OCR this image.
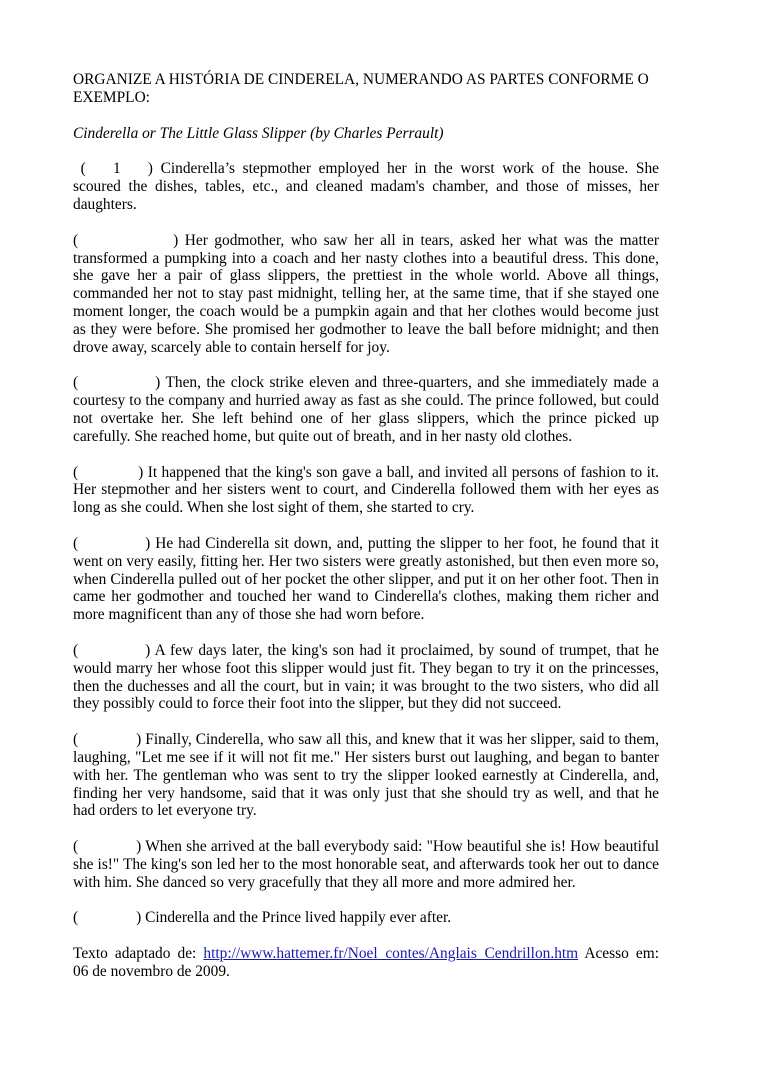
ORGANIZE A HISTÓRIA DE CINDERELA, NUMERANDO AS PARTES CONFORME O EXEMPLO:

Cinderella or The Little Glass Slipper (by Charles Perrault)

( 1 ) Cinderella’s stepmother employed her in the worst work of the house. She scoured the dishes, tables, etc., and cleaned madam's chamber, and those of misses, her daughters.

(	) Her godmother, who saw her all in tears, asked her what was the matter transformed a pumpking into a coach and her nasty clothes into a beautiful dress. This done, she gave her a pair of glass slippers, the prettiest in the whole world. Above all things, commanded her not to stay past midnight, telling her, at the same time, that if she stayed one moment longer, the coach would be a pumpkin again and that her clothes would become just as they were before. She promised her godmother to leave the ball before midnight; and then drove away, scarcely able to contain herself for joy.

(	) Then, the clock strike eleven and three-quarters, and she immediately made a courtesy to the company and hurried away as fast as she could. The prince followed, but could not overtake her. She left behind one of her glass slippers, which the prince picked up carefully. She reached home, but quite out of breath, and in her nasty old clothes.

(	) It happened that the king's son gave a ball, and invited all persons of fashion to it. Her stepmother and her sisters went to court, and Cinderella followed them with her eyes as long as she could. When she lost sight of them, she started to cry.

(	) He had Cinderella sit down, and, putting the slipper to her foot, he found that it went on very easily, fitting her. Her two sisters were greatly astonished, but then even more so, when Cinderella pulled out of her pocket the other slipper, and put it on her other foot. Then in came her godmother and touched her wand to Cinderella's clothes, making them richer and more magnificent than any of those she had worn before.

(	) A few days later, the king's son had it proclaimed, by sound of trumpet, that he would marry her whose foot this slipper would just fit. They began to try it on the princesses, then the duchesses and all the court, but in vain; it was brought to the two sisters, who did all they possibly could to force their foot into the slipper, but they did not succeed.

(	) Finally, Cinderella, who saw all this, and knew that it was her slipper, said to them, laughing, "Let me see if it will not fit me." Her sisters burst out laughing, and began to banter with her. The gentleman who was sent to try the slipper looked earnestly at Cinderella, and, finding her very handsome, said that it was only just that she should try as well, and that he had orders to let everyone try.

(	) When she arrived at the ball everybody said: "How beautiful she is! How beautiful she is!" The king's son led her to the most honorable seat, and afterwards took her out to dance with him. She danced so very gracefully that they all more and more admired her.

(	) Cinderella and the Prince lived happily ever after.

Texto adaptado de: http://www.hattemer.fr/Noel_contes/Anglais_Cendrillon.htm Acesso em: 06 de novembro de 2009.
